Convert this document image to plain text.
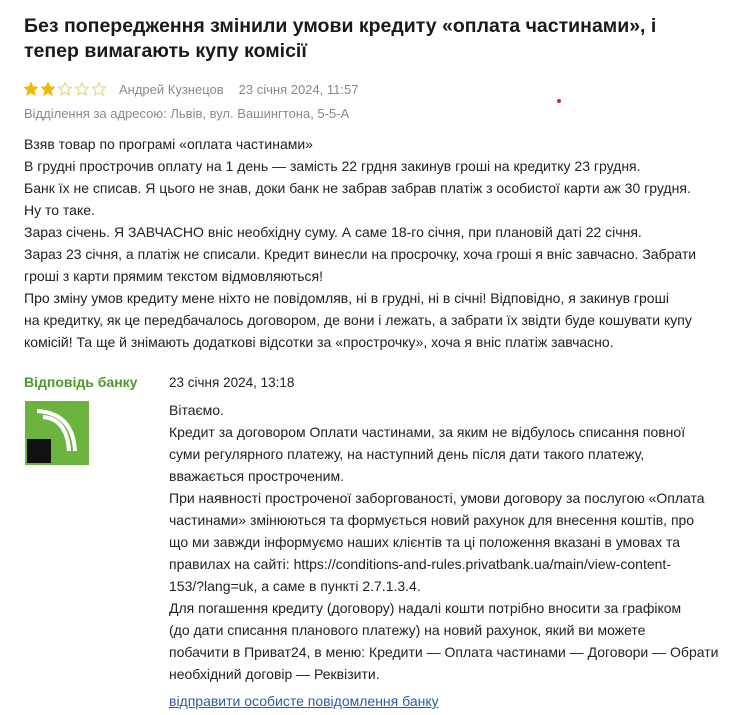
Без попередження змінили умови кредиту «оплата частинами», і тепер вимагають купу комісії
Андрей Кузнецов 23 січня 2024, 11:57
Відділення за адресою: Львів, вул. Вашингтона, 5-5-А
Взяв товар по програмі «оплата частинами»
В грудні прострочив оплату на 1 день — замість 22 грдня закинув гроші на кредитку 23 грудня.
Банк їх не списав. Я цього не знав, доки банк не забрав забрав платіж з особистої карти аж 30 грудня.
Ну то таке.
Зараз січень. Я ЗАВЧАСНО вніс необхідну суму. А саме 18-го січня, при плановій даті 22 січня.
Зараз 23 січня, а платіж не списали. Кредит винесли на просрочку, хоча гроші я вніс завчасно. Забрати
гроші з карти прямим текстом відмовляються!
Про зміну умов кредиту мене ніхто не повідомляв, ні в грудні, ні в січні! Відповідно, я закинув гроші
на кредитку, як це передбачалось договором, де вони і лежать, а забрати їх звідти буде кошувати купу
комісій! Та ще й знімають додаткові відсотки за «прострочку», хоча я вніс платіж завчасно.
Відповідь банку 23 січня 2024, 13:18
Вітаємо.
Кредит за договором Оплати частинами, за яким не відбулось списання повної
суми регулярного платежу, на наступний день після дати такого платежу,
вважається простроченим.
При наявності простроченої заборгованості, умови договору за послугою «Оплата
частинами» змінюються та формується новий рахунок для внесення коштів, про
що ми завжди інформуємо наших клієнтів та ці положення вказані в умовах та
правилах на сайті: https://conditions-and-rules.privatbank.ua/main/view-content-
153/?lang=uk, а саме в пункті 2.7.1.3.4.
Для погашення кредиту (договору) надалі кошти потрібно вносити за графіком
(до дати списання планового платежу) на новий рахунок, який ви можете
побачити в Приват24, в меню: Кредити — Оплата частинами — Договори — Обрати
необхідний договір — Реквізити.
відправити особисте повідомлення банку
